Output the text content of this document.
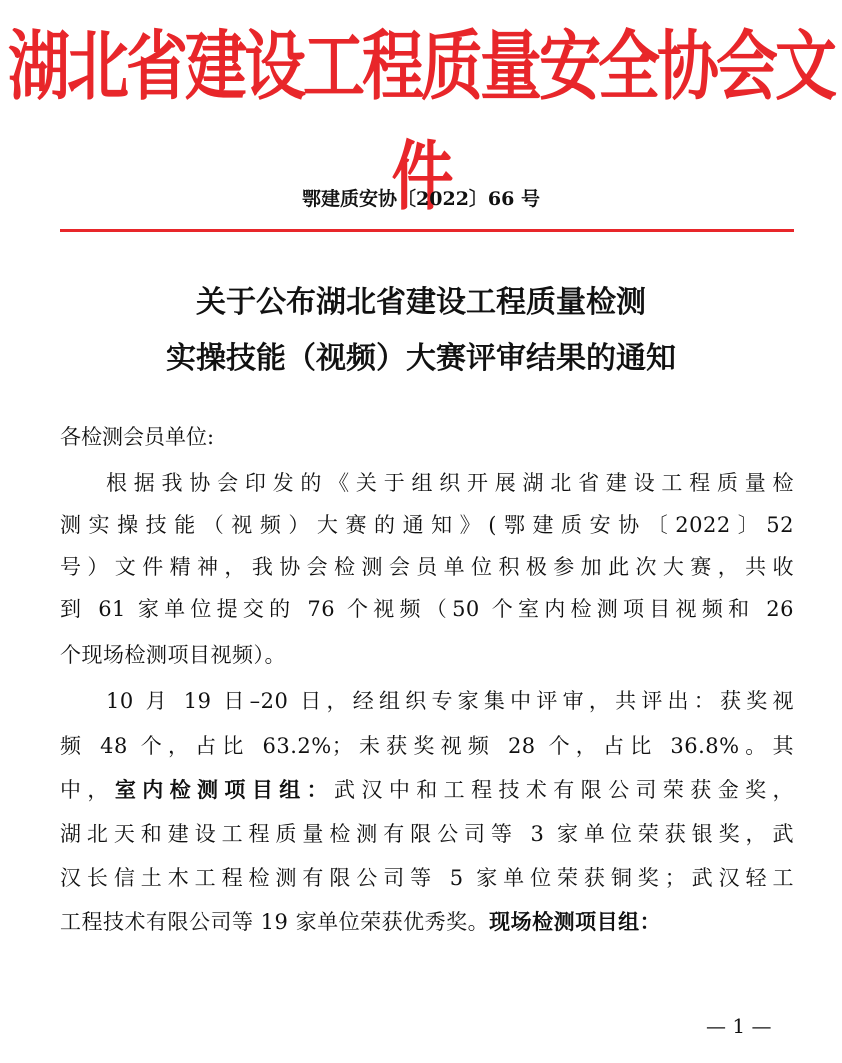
湖北省建设工程质量安全协会文件
鄂建质安协〔2022〕66 号
关于公布湖北省建设工程质量检测
实操技能（视频）大赛评审结果的通知
各检测会员单位:
根据我协会印发的《关于组织开展湖北省建设工程质量检
测实操技能（视频）大赛的通知》(鄂建质安协〔2022〕52
号）文件精神，我协会检测会员单位积极参加此次大赛，共收
到 61 家单位提交的 76 个视频（50 个室内检测项目视频和 26
个现场检测项目视频）。
10 月 19 日–20 日，经组织专家集中评审，共评出：获奖视
频 48 个，占比 63.2%；未获奖视频 28 个，占比 36.8%。其
中，室内检测项目组：武汉中和工程技术有限公司荣获金奖，
湖北天和建设工程质量检测有限公司等 3 家单位荣获银奖，武
汉长信土木工程检测有限公司等 5 家单位荣获铜奖；武汉轻工
工程技术有限公司等 19 家单位荣获优秀奖。现场检测项目组：
— 1 —
